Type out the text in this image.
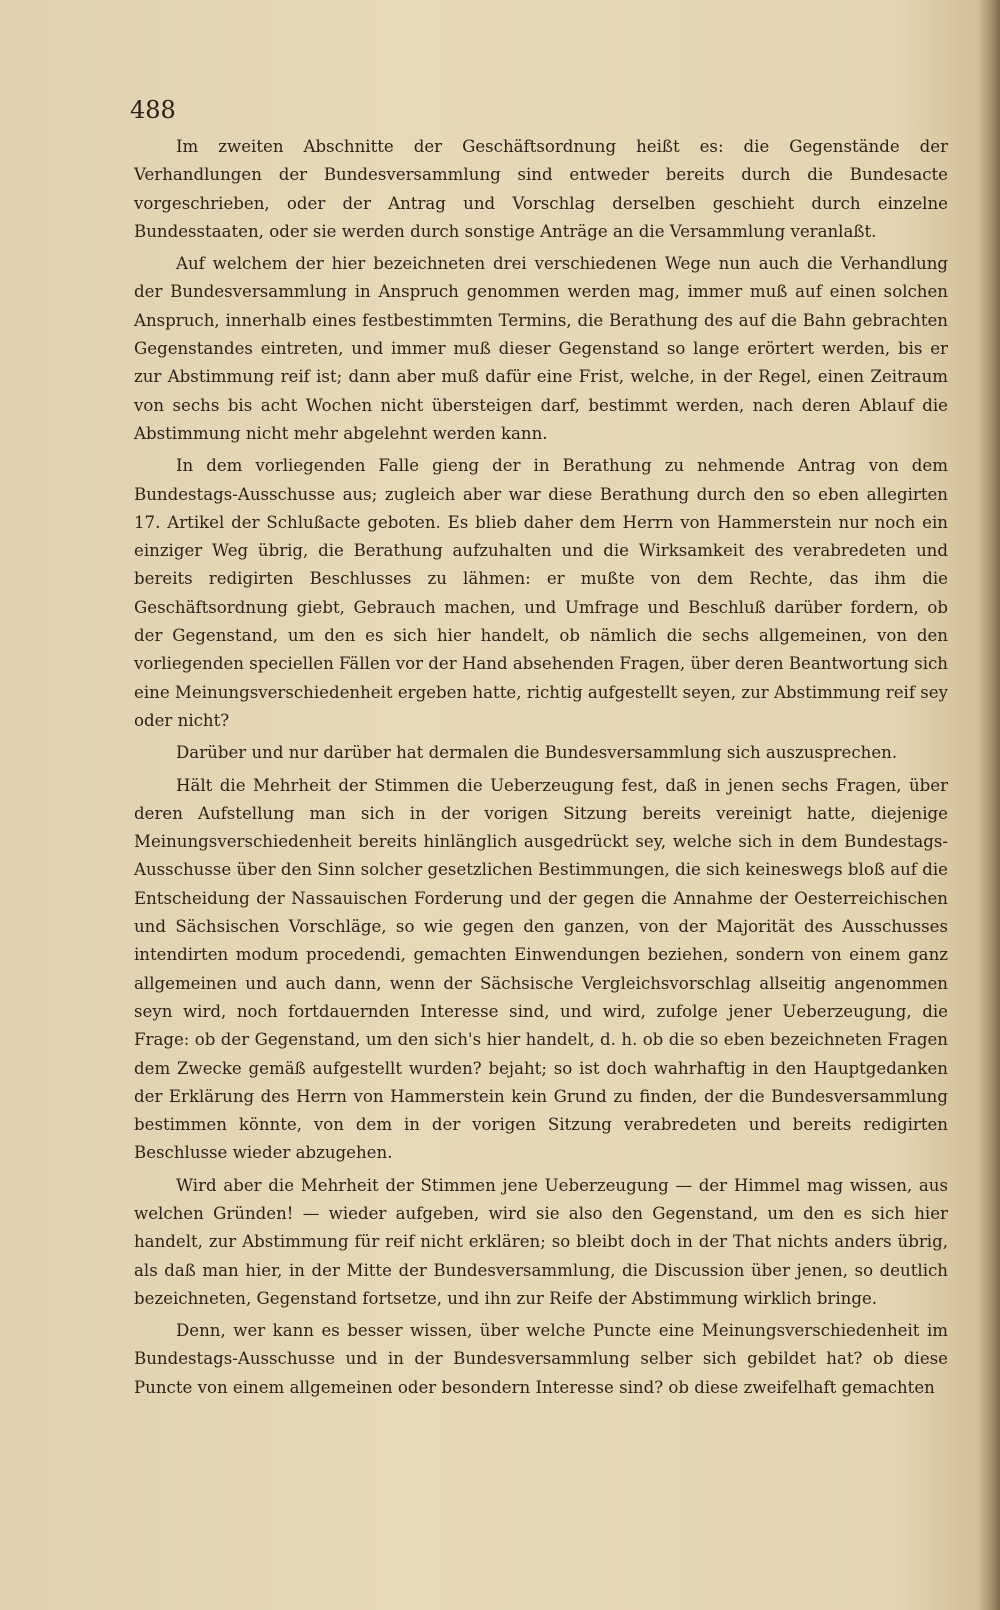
488

Im zweiten Abschnitte der Geschäftsordnung heißt es: die Gegenstände der Verhandlungen der Bundesversammlung sind entweder bereits durch die Bundesacte vorgeschrieben, oder der Antrag und Vorschlag derselben geschieht durch einzelne Bundesstaaten, oder sie werden durch sonstige Anträge an die Versammlung veranlaßt.

Auf welchem der hier bezeichneten drei verschiedenen Wege nun auch die Verhandlung der Bundesversammlung in Anspruch genommen werden mag, immer muß auf einen solchen Anspruch, innerhalb eines festbestimmten Termins, die Berathung des auf die Bahn gebrachten Gegenstandes eintreten, und immer muß dieser Gegenstand so lange erörtert werden, bis er zur Abstimmung reif ist; dann aber muß dafür eine Frist, welche, in der Regel, einen Zeitraum von sechs bis acht Wochen nicht übersteigen darf, bestimmt werden, nach deren Ablauf die Abstimmung nicht mehr abgelehnt werden kann.

In dem vorliegenden Falle gieng der in Berathung zu nehmende Antrag von dem Bundestags-Ausschusse aus; zugleich aber war diese Berathung durch den so eben allegirten 17. Artikel der Schlußacte geboten. Es blieb daher dem Herrn von Hammerstein nur noch ein einziger Weg übrig, die Berathung aufzuhalten und die Wirksamkeit des verabredeten und bereits redigirten Beschlusses zu lähmen: er mußte von dem Rechte, das ihm die Geschäftsordnung giebt, Gebrauch machen, und Umfrage und Beschluß darüber fordern, ob der Gegenstand, um den es sich hier handelt, ob nämlich die sechs allgemeinen, von den vorliegenden speciellen Fällen vor der Hand absehenden Fragen, über deren Beantwortung sich eine Meinungsverschiedenheit ergeben hatte, richtig aufgestellt seyen, zur Abstimmung reif sey oder nicht?

Darüber und nur darüber hat dermalen die Bundesversammlung sich auszusprechen.

Hält die Mehrheit der Stimmen die Ueberzeugung fest, daß in jenen sechs Fragen, über deren Aufstellung man sich in der vorigen Sitzung bereits vereinigt hatte, diejenige Meinungsverschiedenheit bereits hinlänglich ausgedrückt sey, welche sich in dem Bundestags-Ausschusse über den Sinn solcher gesetzlichen Bestimmungen, die sich keineswegs bloß auf die Entscheidung der Nassauischen Forderung und der gegen die Annahme der Oesterreichischen und Sächsischen Vorschläge, so wie gegen den ganzen, von der Majorität des Ausschusses intendirten modum procedendi, gemachten Einwendungen beziehen, sondern von einem ganz allgemeinen und auch dann, wenn der Sächsische Vergleichsvorschlag allseitig angenommen seyn wird, noch fortdauernden Interesse sind, und wird, zufolge jener Ueberzeugung, die Frage: ob der Gegenstand, um den sich's hier handelt, d. h. ob die so eben bezeichneten Fragen dem Zwecke gemäß aufgestellt wurden? bejaht; so ist doch wahrhaftig in den Hauptgedanken der Erklärung des Herrn von Hammerstein kein Grund zu finden, der die Bundesversammlung bestimmen könnte, von dem in der vorigen Sitzung verabredeten und bereits redigirten Beschlusse wieder abzugehen.

Wird aber die Mehrheit der Stimmen jene Ueberzeugung — der Himmel mag wissen, aus welchen Gründen! — wieder aufgeben, wird sie also den Gegenstand, um den es sich hier handelt, zur Abstimmung für reif nicht erklären; so bleibt doch in der That nichts anders übrig, als daß man hier, in der Mitte der Bundesversammlung, die Discussion über jenen, so deutlich bezeichneten, Gegenstand fortsetze, und ihn zur Reife der Abstimmung wirklich bringe.

Denn, wer kann es besser wissen, über welche Puncte eine Meinungsverschiedenheit im Bundestags-Ausschusse und in der Bundesversammlung selber sich gebildet hat? ob diese Puncte von einem allgemeinen oder besondern Interesse sind? ob diese zweifelhaft gemachten
